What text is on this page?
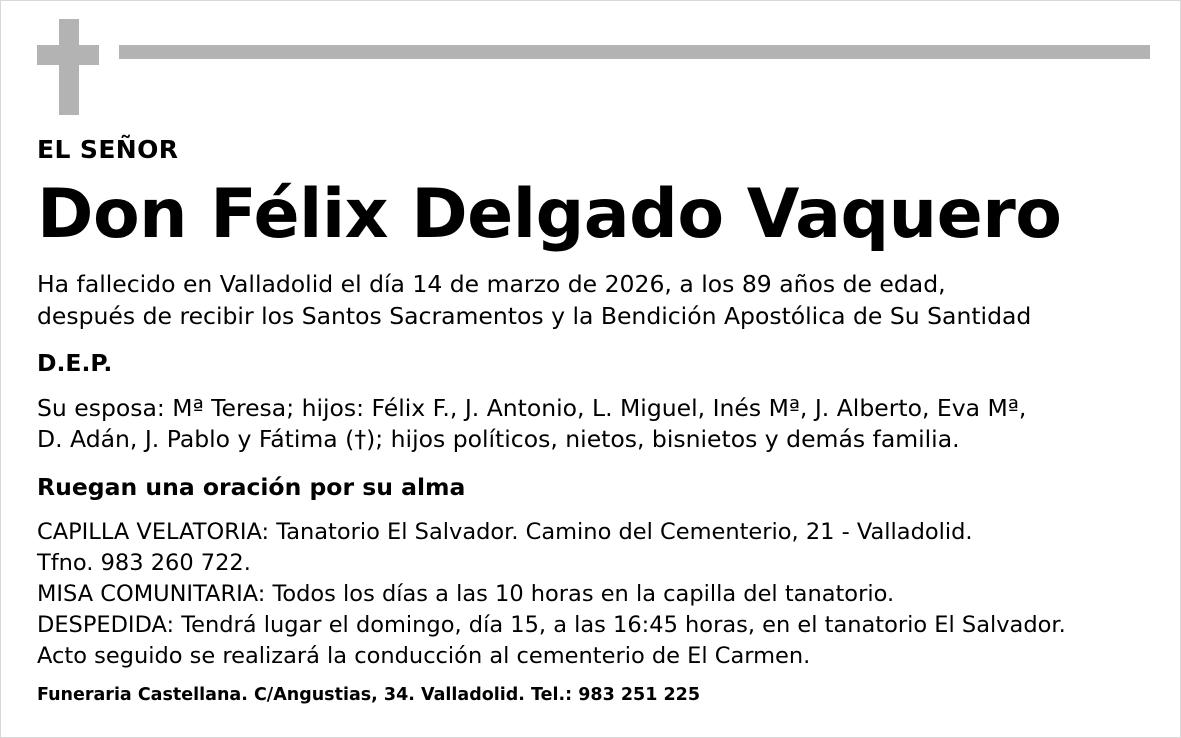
EL SEÑOR

Don Félix Delgado Vaquero

Ha fallecido en Valladolid el día 14 de marzo de 2026, a los 89 años de edad,
después de recibir los Santos Sacramentos y la Bendición Apostólica de Su Santidad

D.E.P.

Su esposa: Mª Teresa; hijos: Félix F., J. Antonio, L. Miguel, Inés Mª, J. Alberto, Eva Mª,
D. Adán, J. Pablo y Fátima (†); hijos políticos, nietos, bisnietos y demás familia.

Ruegan una oración por su alma

CAPILLA VELATORIA: Tanatorio El Salvador. Camino del Cementerio, 21 - Valladolid.
Tfno. 983 260 722.
MISA COMUNITARIA: Todos los días a las 10 horas en la capilla del tanatorio.
DESPEDIDA: Tendrá lugar el domingo, día 15, a las 16:45 horas, en el tanatorio El Salvador.
Acto seguido se realizará la conducción al cementerio de El Carmen.

Funeraria Castellana. C/Angustias, 34. Valladolid. Tel.: 983 251 225
